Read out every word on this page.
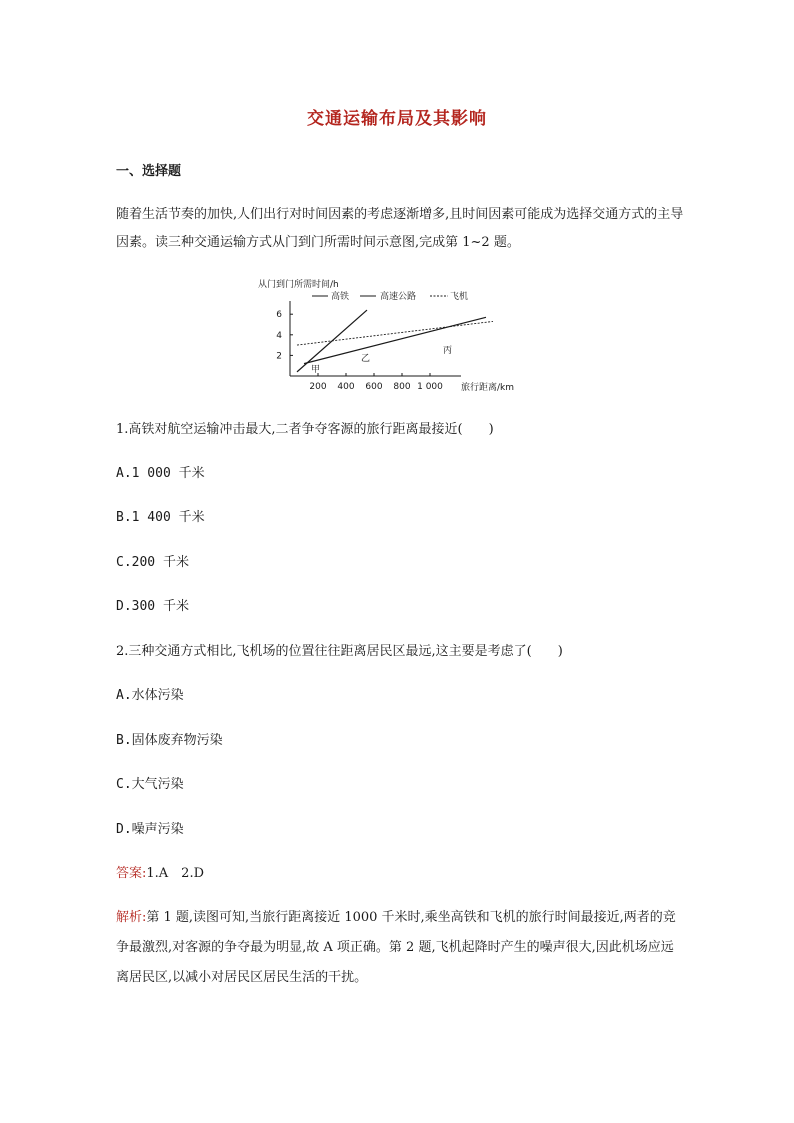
交通运输布局及其影响
一、选择题

随着生活节奏的加快,人们出行对时间因素的考虑逐渐增多,且时间因素可能成为选择交通方式的主导因素。读三种交通运输方式从门到门所需时间示意图,完成第 1~2 题。

从门到门所需时间/h
高铁	高速公路	飞机
2
4
6
200 400 600 800 1 000
甲
乙
丙
旅行距离/km
1.高铁对航空运输冲击最大,二者争夺客源的旅行距离最接近(　　)
A.1 000 千米
B.1 400 千米
C.200 千米
D.300 千米
2.三种交通方式相比,飞机场的位置往往距离居民区最远,这主要是考虑了(　　)
A.水体污染
B.固体废弃物污染
C.大气污染
D.噪声污染
答案:1.A　2.D

解析:第 1 题,读图可知,当旅行距离接近 1000 千米时,乘坐高铁和飞机的旅行时间最接近,两者的竞争最激烈,对客源的争夺最为明显,故 A 项正确。第 2 题,飞机起降时产生的噪声很大,因此机场应远离居民区,以减小对居民区居民生活的干扰。
